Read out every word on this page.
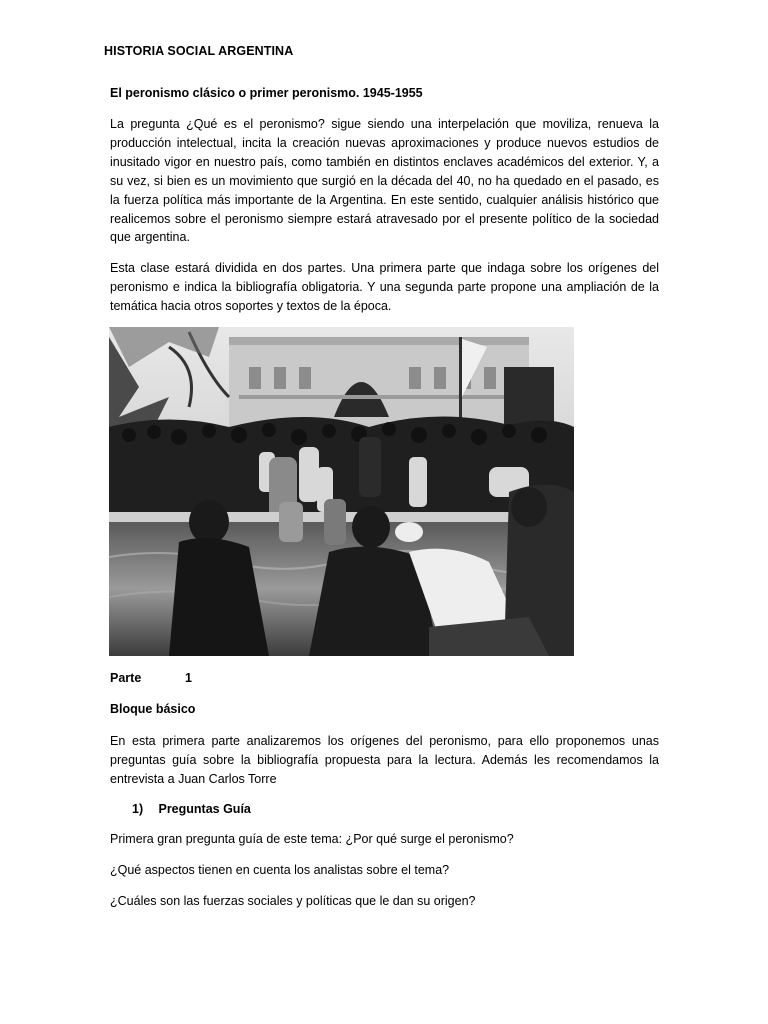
HISTORIA SOCIAL ARGENTINA
El peronismo clásico o primer peronismo. 1945-1955

La pregunta ¿Qué es el peronismo? sigue siendo una interpelación que moviliza, renueva la producción intelectual, incita la creación nuevas aproximaciones y produce nuevos estudios de inusitado vigor en nuestro país, como también en distintos enclaves académicos del exterior. Y, a su vez, si bien es un movimiento que surgió en la década del 40, no ha quedado en el pasado, es la fuerza política más importante de la Argentina. En este sentido, cualquier análisis histórico que realicemos sobre el peronismo siempre estará atravesado por el presente político de la sociedad que argentina.

Esta clase estará dividida en dos partes. Una primera parte que indaga sobre los orígenes del peronismo e indica la bibliografía obligatoria. Y una segunda parte propone una ampliación de la temática hacia otros soportes y textos de la época.

Parte	1
Bloque básico

En esta primera parte analizaremos los orígenes del peronismo, para ello proponemos unas preguntas guía sobre la bibliografía propuesta para la lectura. Además les recomendamos la entrevista a Juan Carlos Torre

1) Preguntas Guía
Primera gran pregunta guía de este tema: ¿Por qué surge el peronismo?
¿Qué aspectos tienen en cuenta los analistas sobre el tema?
¿Cuáles son las fuerzas sociales y políticas que le dan su origen?
